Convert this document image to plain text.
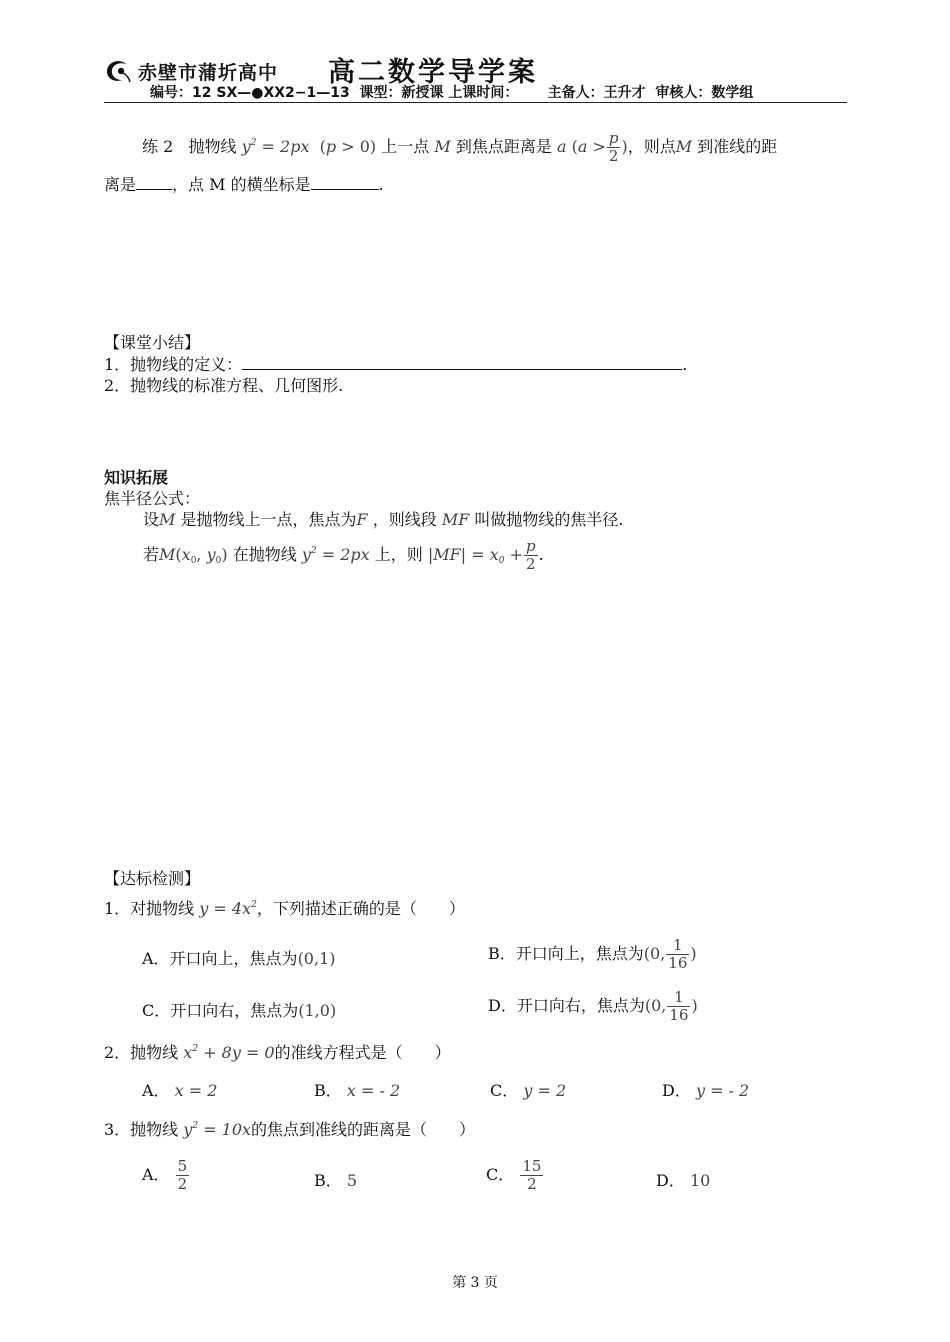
赤壁市蒲圻高中 高二数学导学案
编号：12 SX—●XX2−1—13  课型：新授课 上课时间：      主备人：王升才  审核人：数学组
练 2 抛物线 $y^2 = 2px$ (p > 0) 上一点 M 到焦点距离是 a ($a > \frac{p}{2}$ )，则点M 到准线的距
离是 ，点 M 的横坐标是	.
【课堂小结】
1．抛物线的定义：	.
2．抛物线的标准方程、几何图形.
知识拓展
焦半径公式：
设M 是抛物线上一点，焦点为F ，则线段 MF 叫做抛物线的焦半径.
若$M(x_0$, $y_0$) 在抛物线 $y^2 = 2px$ 上，则 $|MF| = x_0 + \frac{p}{2}$ .
【达标检测】
1．对抛物线 $y = 4x^2$，下列描述正确的是（　　）
A．开口向上，焦点为(0,1)	B．开口向上，焦点为(0, $\frac{1}{16}$ )
C．开口向右，焦点为(1,0)	D．开口向右，焦点为(0, $\frac{1}{16}$ )
2．抛物线 $x^2 + 8y = 0$的准线方程式是（　　）
A． x = 2	B． x = - 2	C． y = 2	D． y = - 2
3．抛物线 $y^2 = 10x$的焦点到准线的距离是（　　）
A． $\frac{5}{2}$	B． 5	C． $\frac{15}{2}$	D． 10
第 3 页
